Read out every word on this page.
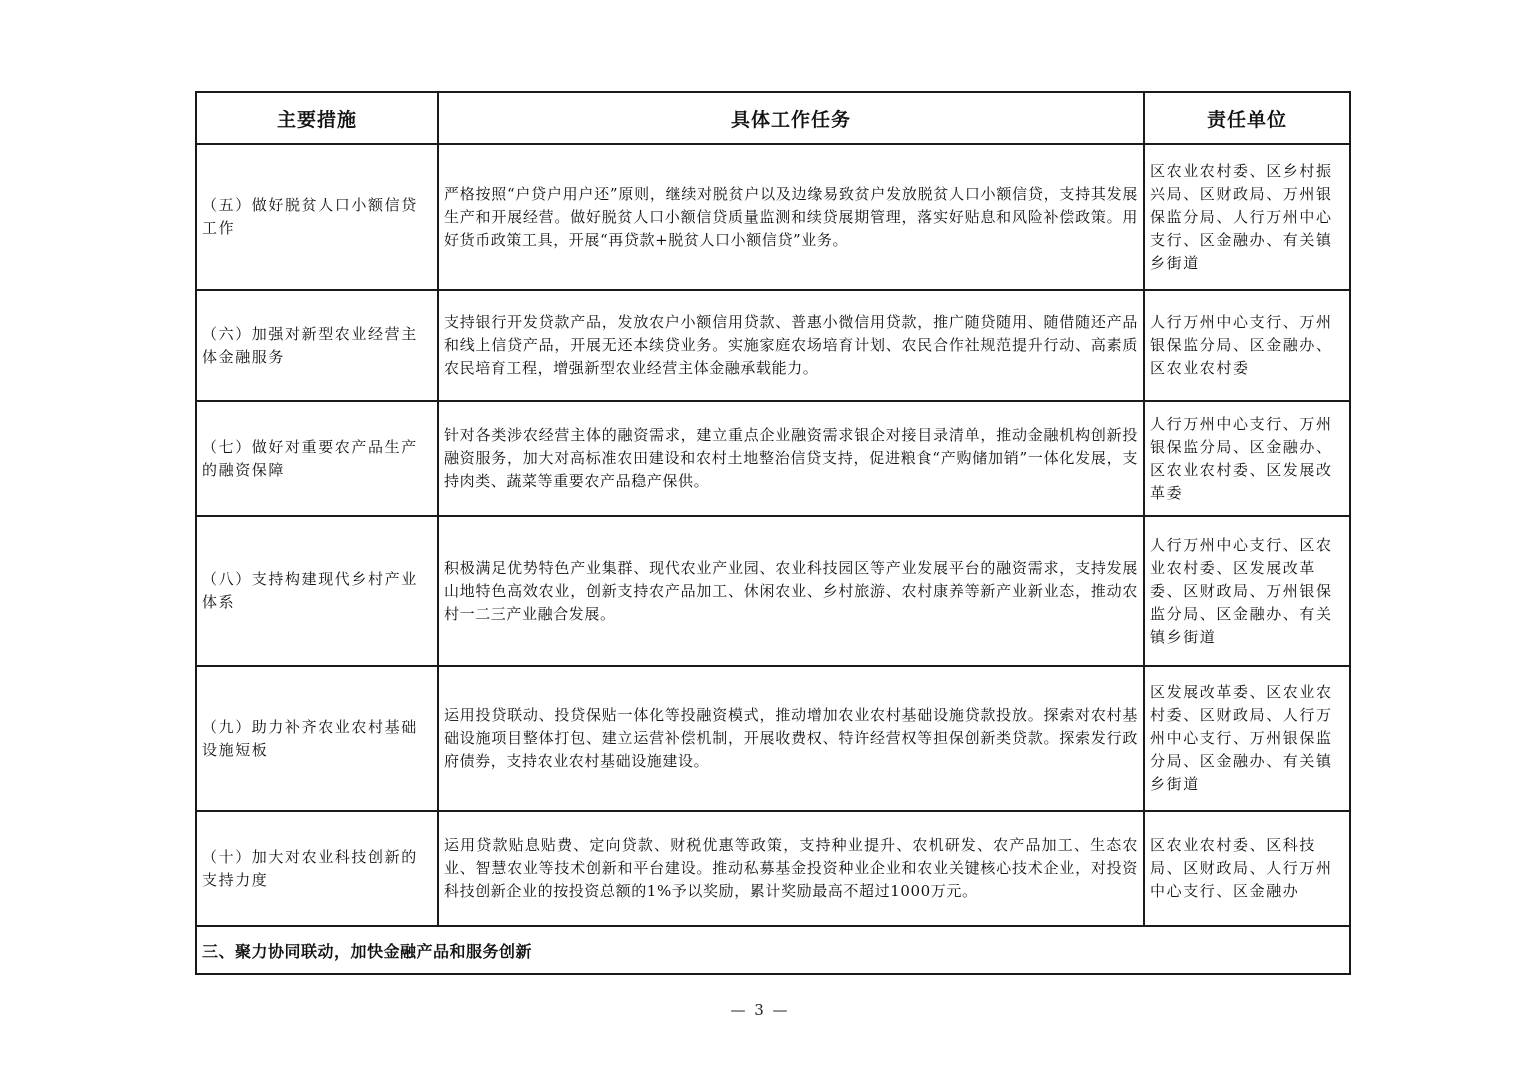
主要措施	具体工作任务	责任单位
（五）做好脱贫人口小额信贷工作	严格按照“户贷户用户还”原则，继续对脱贫户以及边缘易致贫户发放脱贫人口小额信贷，支持其发展生产和开展经营。做好脱贫人口小额信贷质量监测和续贷展期管理，落实好贴息和风险补偿政策。用好货币政策工具，开展“再贷款+脱贫人口小额信贷”业务。	区农业农村委、区乡村振兴局、区财政局、万州银保监分局、人行万州中心支行、区金融办、有关镇乡街道
（六）加强对新型农业经营主体金融服务	支持银行开发贷款产品，发放农户小额信用贷款、普惠小微信用贷款，推广随贷随用、随借随还产品和线上信贷产品，开展无还本续贷业务。实施家庭农场培育计划、农民合作社规范提升行动、高素质农民培育工程，增强新型农业经营主体金融承载能力。	人行万州中心支行、万州银保监分局、区金融办、区农业农村委
（七）做好对重要农产品生产的融资保障	针对各类涉农经营主体的融资需求，建立重点企业融资需求银企对接目录清单，推动金融机构创新投融资服务，加大对高标准农田建设和农村土地整治信贷支持，促进粮食“产购储加销”一体化发展，支持肉类、蔬菜等重要农产品稳产保供。	人行万州中心支行、万州银保监分局、区金融办、区农业农村委、区发展改革委
（八）支持构建现代乡村产业体系	积极满足优势特色产业集群、现代农业产业园、农业科技园区等产业发展平台的融资需求，支持发展山地特色高效农业，创新支持农产品加工、休闲农业、乡村旅游、农村康养等新产业新业态，推动农村一二三产业融合发展。	人行万州中心支行、区农业农村委、区发展改革委、区财政局、万州银保监分局、区金融办、有关镇乡街道
（九）助力补齐农业农村基础设施短板	运用投贷联动、投贷保贴一体化等投融资模式，推动增加农业农村基础设施贷款投放。探索对农村基础设施项目整体打包、建立运营补偿机制，开展收费权、特许经营权等担保创新类贷款。探索发行政府债券，支持农业农村基础设施建设。	区发展改革委、区农业农村委、区财政局、人行万州中心支行、万州银保监分局、区金融办、有关镇乡街道
（十）加大对农业科技创新的支持力度	运用贷款贴息贴费、定向贷款、财税优惠等政策，支持种业提升、农机研发、农产品加工、生态农业、智慧农业等技术创新和平台建设。推动私募基金投资种业企业和农业关键核心技术企业，对投资科技创新企业的按投资总额的1%予以奖励，累计奖励最高不超过1000万元。	区农业农村委、区科技局、区财政局、人行万州中心支行、区金融办
三、聚力协同联动，加快金融产品和服务创新		
— 3 —
